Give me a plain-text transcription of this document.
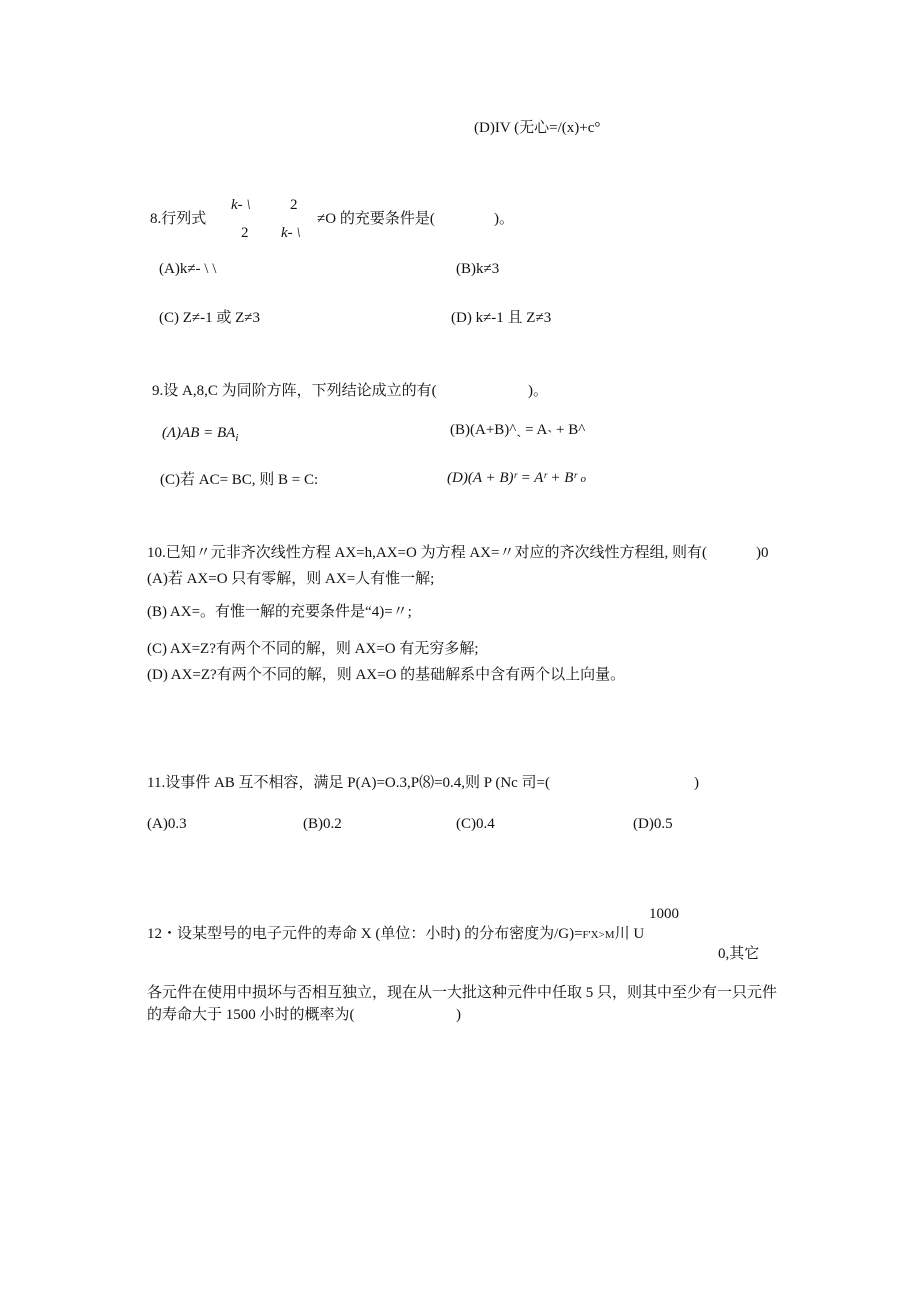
(D)IV (无心=/(x)+c°
8.行列式
k- \	2
2 k- \
≠O 的充要条件是(	)。
(A)k≠- \ \	(B)k≠3
(C) Z≠-1 或 Z≠3	(D) k≠-1 且 Z≠3
9.设 A,8,C 为同阶方阵，下列结论成立的有(	)。
$(\Lambda)AB = BA_i$	(B)(A+B)^ˎ = A˴ + B^
(C)若 AC= BC, 则 B = C:	(D)(A + B)ʳ = Aʳ + Bʳ o
10.已知〃元非齐次线性方程 AX=h,AX=O 为方程 AX=〃对应的齐次线性方程组, 则有(	)0
(A)若 AX=O 只有零解，则 AX=人有惟一解;
(B) AX=。有惟一解的充要条件是“4)=〃;
(C) AX=Z?有两个不同的解，则 AX=O 有无穷多解;
(D) AX=Z?有两个不同的解，则 AX=O 的基础解系中含有两个以上向量。
11.设事件 AB 互不相容，满足 P(A)=O.3,P⑻=0.4,则 P (Nc 司=(	)
(A)0.3	(B)0.2	(C)0.4	(D)0.5
1000
12・设某型号的电子元件的寿命 X (单位：小时) 的分布密度为/G)=F'X>M川 U
0,其它
各元件在使用中损坏与否相互独立，现在从一大批这种元件中任取 5 只，则其中至少有一只元件
的寿命大于 1500 小时的概率为(	)
